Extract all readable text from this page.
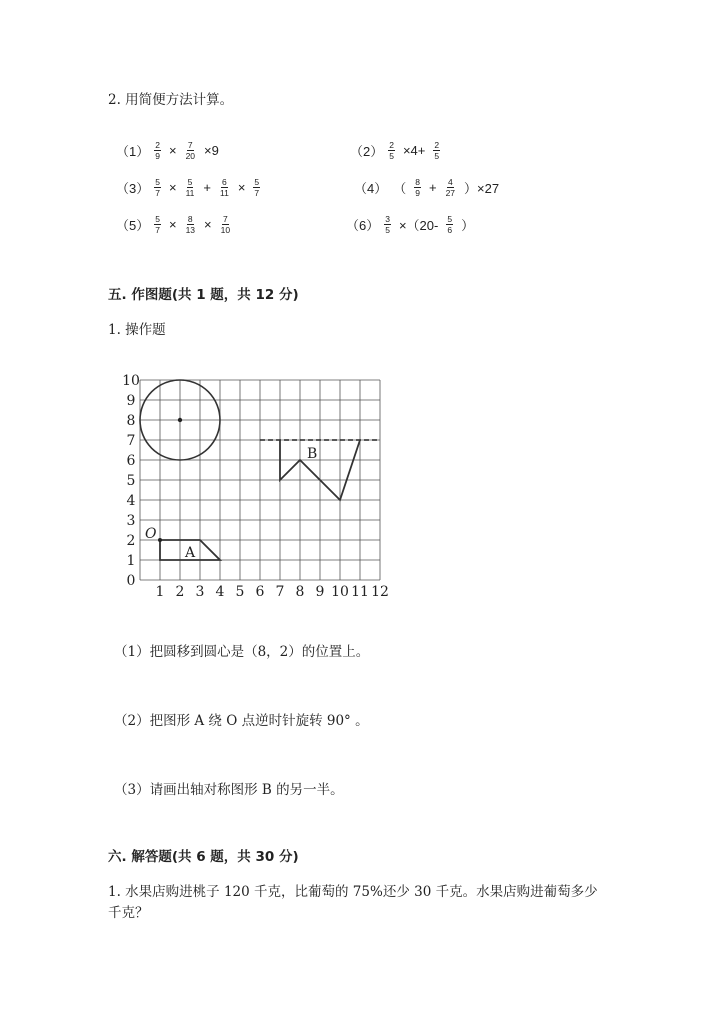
2. 用简便方法计算。
$(1) \frac{2}{9} \times \frac{7}{20} \times 9$	$(2) \frac{2}{5} \times 4+ \frac{2}{5}$
$(3) \frac{5}{7} \times \frac{5}{11} + \frac{6}{11} \times \frac{5}{7}$	（4） （ $\frac{8}{9} + \frac{4}{27} )\times 27$
$(5) \frac{5}{7} \times \frac{8}{13} \times \frac{7}{10}$	$(6) \frac{3}{5} \times(20- \frac{5}{6}$ ）
五. 作图题(共 1 题，共 12 分)
1. 操作题
1 2 3 4 5 6 7 8 9 10 11 12
0
1
2
3
4
5
6
7
8
9
10
B
A
O
（1）把圆移到圆心是（8，2）的位置上。
（2）把图形 A 绕 O 点逆时针旋转 90° 。
（3）请画出轴对称图形 B 的另一半。
六. 解答题(共 6 题，共 30 分)
1. 水果店购进桃子 120 千克，比葡萄的 75%还少 30 千克。水果店购进葡萄多少
千克？
